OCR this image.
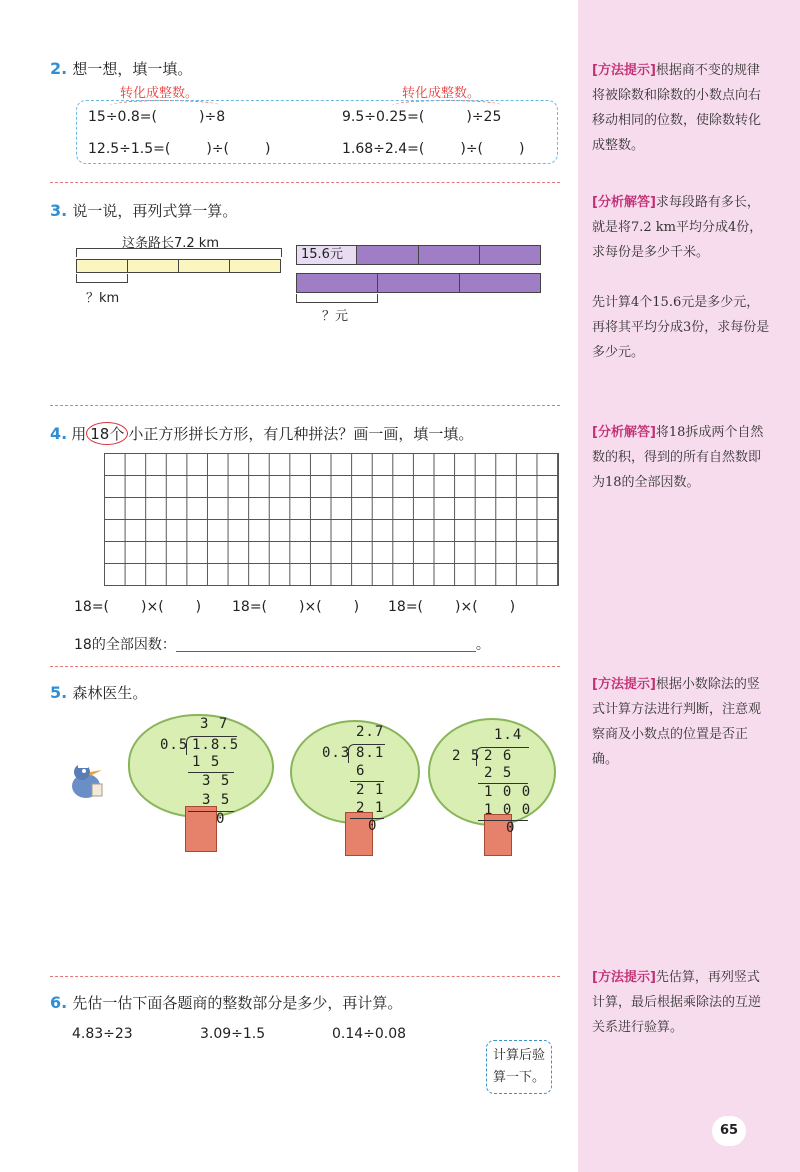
[方法提示]根据商不变的规律将被除数和除数的小数点向右移动相同的位数，使除数转化成整数。
[分析解答]求每段路有多长，就是将7.2 km平均分成4份，求每份是多少千米。
先计算4个15.6元是多少元，再将其平均分成3份，求每份是多少元。
[分析解答]将18拆成两个自然数的积，得到的所有自然数即为18的全部因数。
[方法提示]根据小数除法的竖式计算方法进行判断，注意观察商及小数点的位置是否正确。
[方法提示]先估算，再列竖式计算，最后根据乘除法的互逆关系进行验算。
2. 想一想，填一填。
转化成整数。	转化成整数。
15÷0.8=(	)÷8	9.5÷0.25=(	)÷25
12.5÷1.5=(	)÷(	)	1.68÷2.4=(	)÷(	)
3. 说一说，再列式算一算。
这条路长7.2 km
？km
15.6元
？元
4. 用 18个 小正方形拼长方形，有几种拼法？画一画，填一填。
18=( )×( ) 18=( )×( ) 18=( )×( )
18的全部因数：	。
5. 森林医生。
3 7
0.5 1.8.5
1 5
3 5
3 5
0
2.7
0.3 8.1
6
2 1
2 1
0
1.4
2 5 2 6
2 5
1 0 0
1 0 0
0
6. 先估一估下面各题商的整数部分是多少，再计算。
4.83÷23	3.09÷1.5	0.14÷0.08
计算后验
算一下。
65
